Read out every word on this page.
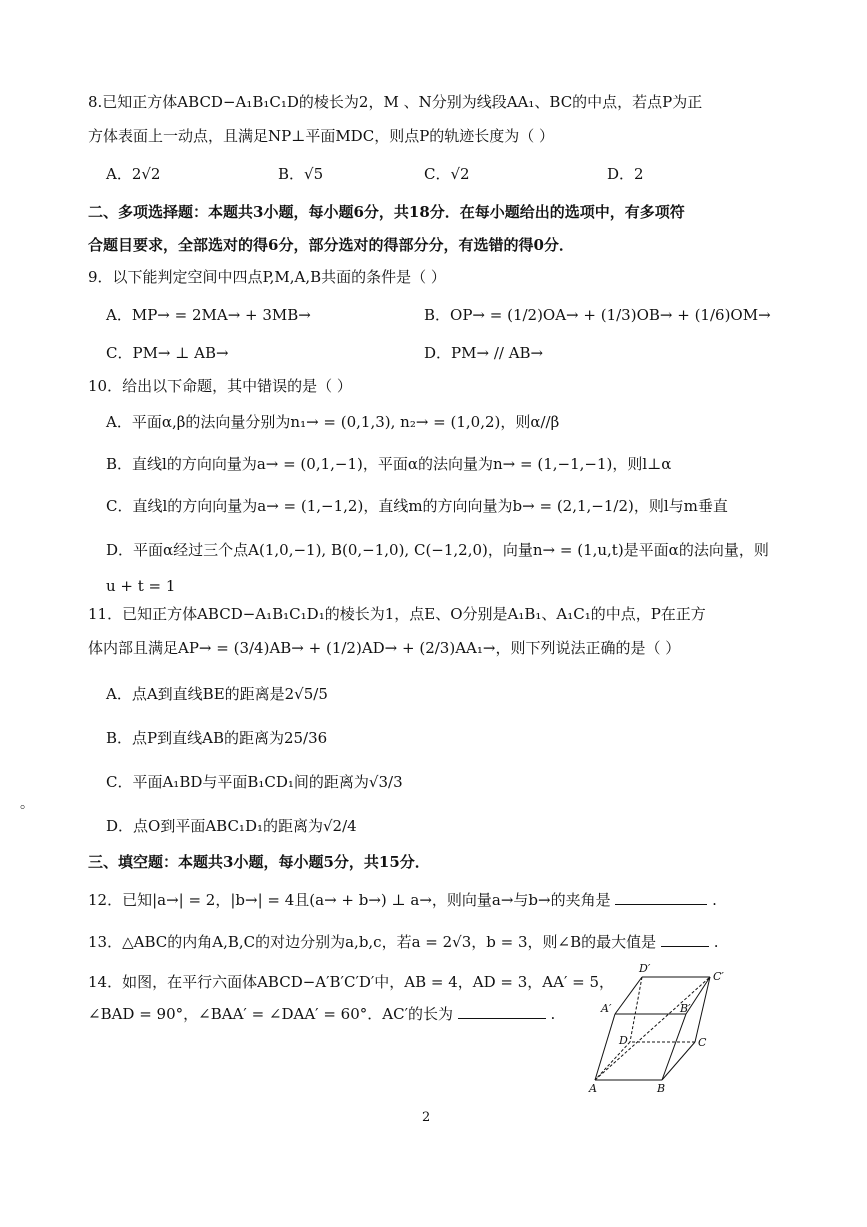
8.已知正方体ABCD−A₁B₁C₁D的棱长为2，M 、N分别为线段AA₁、BC的中点，若点P为正
方体表面上一动点，且满足NP⊥平面MDC，则点P的轨迹长度为（ ）
A．2√2	B．√5	C．√2	D．2
二、多项选择题：本题共3小题，每小题6分，共18分．在每小题给出的选项中，有多项符
合题目要求，全部选对的得6分，部分选对的得部分分，有选错的得0分．
9．以下能判定空间中四点P,M,A,B共面的条件是（ ）
A．MP→ = 2MA→ + 3MB→	B．OP→ = (1/2)OA→ + (1/3)OB→ + (1/6)OM→
C．PM→ ⊥ AB→	D．PM→ // AB→
10．给出以下命题，其中错误的是（ ）
A．平面α,β的法向量分别为n₁→ = (0,1,3), n₂→ = (1,0,2)，则α//β
B．直线l的方向向量为a→ = (0,1,−1)，平面α的法向量为n→ = (1,−1,−1)，则l⊥α
C．直线l的方向向量为a→ = (1,−1,2)，直线m的方向向量为b→ = (2,1,−1/2)，则l与m垂直
D．平面α经过三个点A(1,0,−1), B(0,−1,0), C(−1,2,0)，向量n→ = (1,u,t)是平面α的法向量，则
u + t = 1
11．已知正方体ABCD−A₁B₁C₁D₁的棱长为1，点E、O分别是A₁B₁、A₁C₁的中点，P在正方
体内部且满足AP→ = (3/4)AB→ + (1/2)AD→ + (2/3)AA₁→，则下列说法正确的是（ ）
A．点A到直线BE的距离是2√5/5
B．点P到直线AB的距离为25/36
C．平面A₁BD与平面B₁CD₁间的距离为√3/3
D．点O到平面ABC₁D₁的距离为√2/4
。
三、填空题：本题共3小题，每小题5分，共15分．
12．已知|a→| = 2，|b→| = 4且(a→ + b→) ⊥ a→，则向量a→与b→的夹角是	.
13．△ABC的内角A,B,C的对边分别为a,b,c，若a = 2√3，b = 3，则∠B的最大值是	.
14．如图，在平行六面体ABCD−A′B′C′D′中，AB = 4，AD = 3，AA′ = 5，
∠BAD = 90°，∠BAA′ = ∠DAA′ = 60°．AC′的长为	.
D′
C′
A′	B′
D	C
A	B
2
